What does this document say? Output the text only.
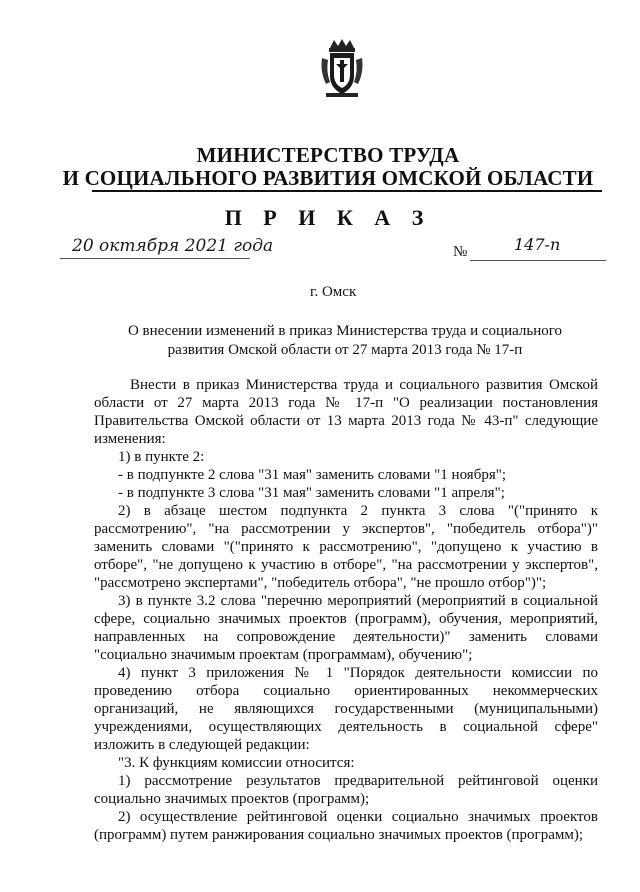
МИНИСТЕРСТВО ТРУДА
И СОЦИАЛЬНОГО РАЗВИТИЯ ОМСКОЙ ОБЛАСТИ
П Р И К А З
20 октября 2021 года	№	147-п
г. Омск
О внесении изменений в приказ Министерства труда и социального
развития Омской области от 27 марта 2013 года № 17-п

Внести в приказ Министерства труда и социального развития Омской области от 27 марта 2013 года № 17-п "О реализации постановления Правительства Омской области от 13 марта 2013 года № 43-п" следующие изменения:

1) в пункте 2:

- в подпункте 2 слова "31 мая" заменить словами "1 ноября";

- в подпункте 3 слова "31 мая" заменить словами "1 апреля";

2) в абзаце шестом подпункта 2 пункта 3 слова "("принято к рассмотрению", "на рассмотрении у экспертов", "победитель отбора")" заменить словами "("принято к рассмотрению", "допущено к участию в отборе", "не допущено к участию в отборе", "на рассмотрении у экспертов", "рассмотрено экспертами", "победитель отбора", "не прошло отбор")";

3) в пункте 3.2 слова "перечню мероприятий (мероприятий в социальной сфере, социально значимых проектов (программ), обучения, мероприятий, направленных на сопровождение деятельности)" заменить словами "социально значимым проектам (программам), обучению";

4) пункт 3 приложения № 1 "Порядок деятельности комиссии по проведению отбора социально ориентированных некоммерческих организаций, не являющихся государственными (муниципальными) учреждениями, осуществляющих деятельность в социальной сфере" изложить в следующей редакции:

"3. К функциям комиссии относится:

1) рассмотрение результатов предварительной рейтинговой оценки социально значимых проектов (программ);

2) осуществление рейтинговой оценки социально значимых проектов (программ) путем ранжирования социально значимых проектов (программ);
